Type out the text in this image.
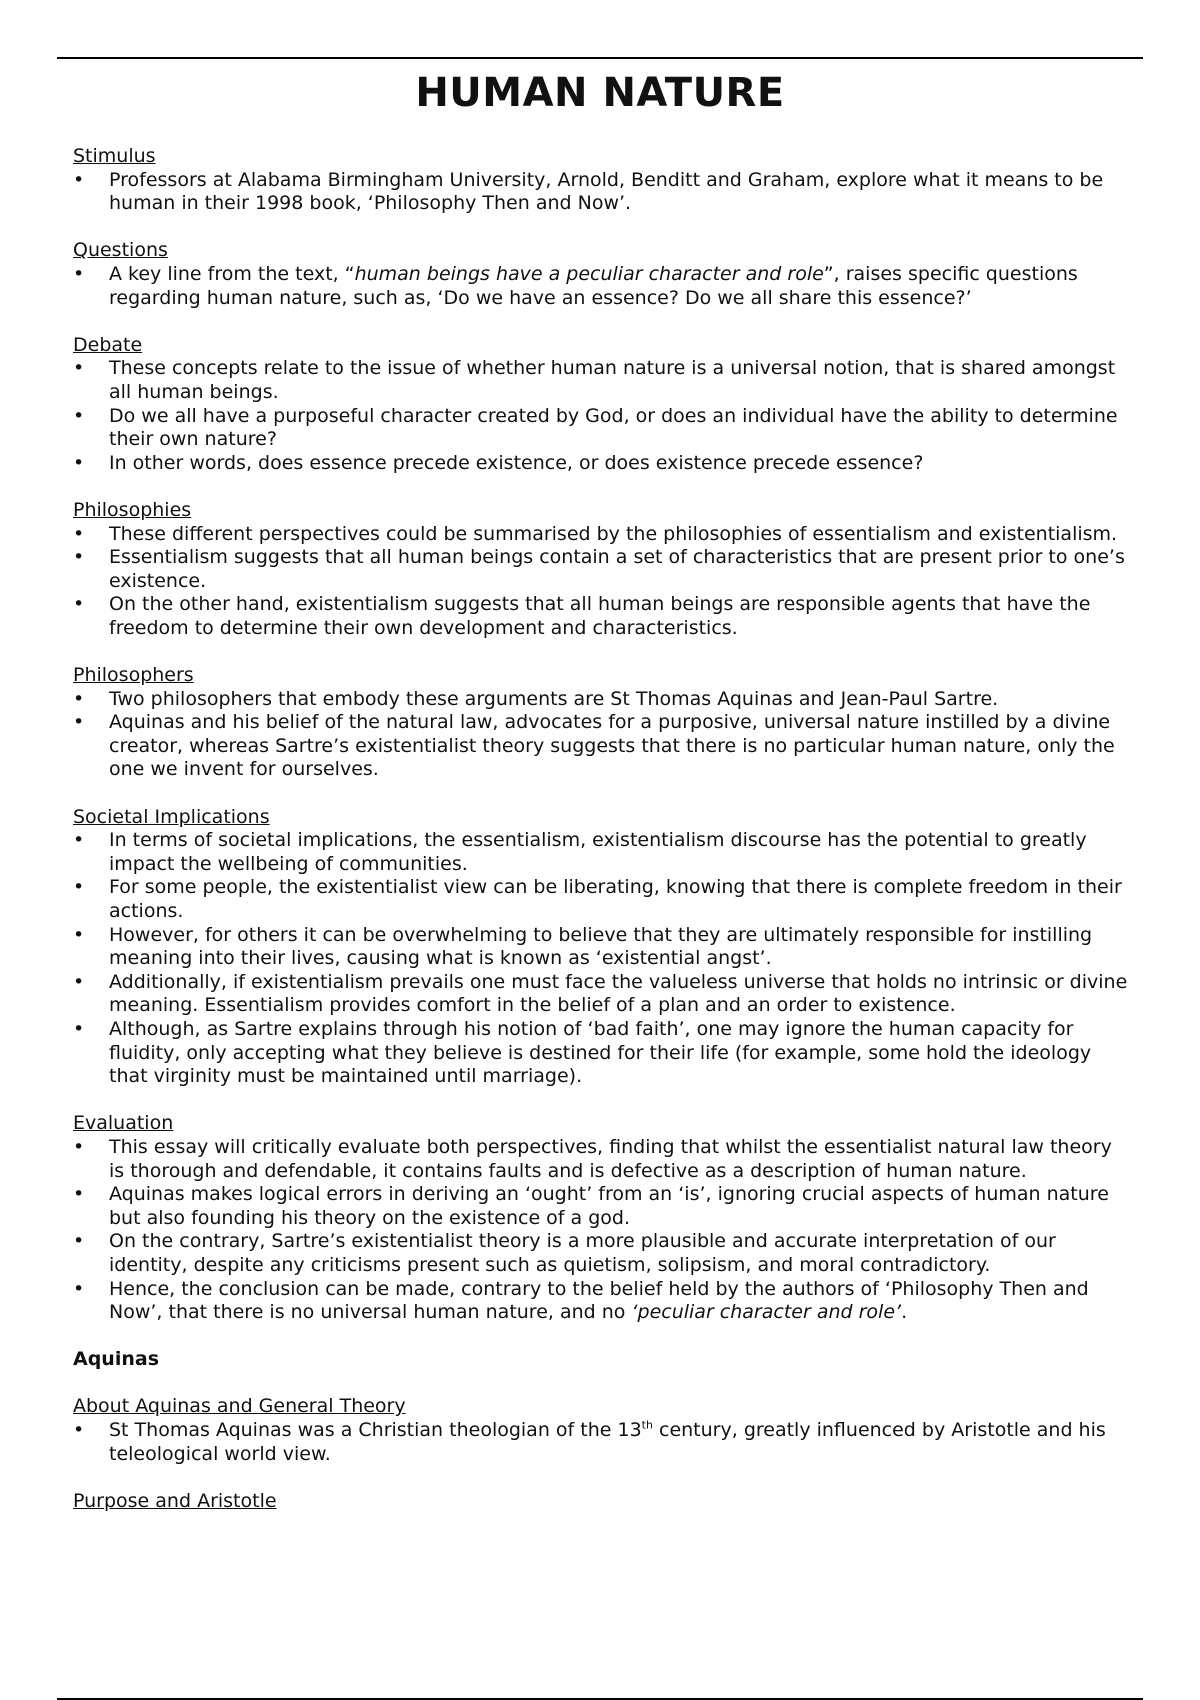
HUMAN NATURE

Stimulus

•	Professors at Alabama Birmingham University, Arnold, Benditt and Graham, explore what it means to be human in their 1998 book, ‘Philosophy Then and Now’.

Questions

•	A key line from the text, “human beings have a peculiar character and role”, raises specific questions regarding human nature, such as, ‘Do we have an essence? Do we all share this essence?’

Debate

•	These concepts relate to the issue of whether human nature is a universal notion, that is shared amongst all human beings.
•	Do we all have a purposeful character created by God, or does an individual have the ability to determine their own nature?
•	In other words, does essence precede existence, or does existence precede essence?

Philosophies

•	These different perspectives could be summarised by the philosophies of essentialism and existentialism.
•	Essentialism suggests that all human beings contain a set of characteristics that are present prior to one’s existence.
•	On the other hand, existentialism suggests that all human beings are responsible agents that have the freedom to determine their own development and characteristics.

Philosophers

•	Two philosophers that embody these arguments are St Thomas Aquinas and Jean-Paul Sartre.
•	Aquinas and his belief of the natural law, advocates for a purposive, universal nature instilled by a divine creator, whereas Sartre’s existentialist theory suggests that there is no particular human nature, only the one we invent for ourselves.

Societal Implications

•	In terms of societal implications, the essentialism, existentialism discourse has the potential to greatly impact the wellbeing of communities.
•	For some people, the existentialist view can be liberating, knowing that there is complete freedom in their actions.
•	However, for others it can be overwhelming to believe that they are ultimately responsible for instilling meaning into their lives, causing what is known as ‘existential angst’.
•	Additionally, if existentialism prevails one must face the valueless universe that holds no intrinsic or divine meaning. Essentialism provides comfort in the belief of a plan and an order to existence.
•	Although, as Sartre explains through his notion of ‘bad faith’, one may ignore the human capacity for fluidity, only accepting what they believe is destined for their life (for example, some hold the ideology that virginity must be maintained until marriage).

Evaluation

•	This essay will critically evaluate both perspectives, finding that whilst the essentialist natural law theory is thorough and defendable, it contains faults and is defective as a description of human nature.
•	Aquinas makes logical errors in deriving an ‘ought’ from an ‘is’, ignoring crucial aspects of human nature but also founding his theory on the existence of a god.
•	On the contrary, Sartre’s existentialist theory is a more plausible and accurate interpretation of our identity, despite any criticisms present such as quietism, solipsism, and moral contradictory.
•	Hence, the conclusion can be made, contrary to the belief held by the authors of ‘Philosophy Then and Now’, that there is no universal human nature, and no ‘peculiar character and role’.

Aquinas

About Aquinas and General Theory

•	St Thomas Aquinas was a Christian theologian of the 13th century, greatly influenced by Aristotle and his teleological world view.

Purpose and Aristotle
